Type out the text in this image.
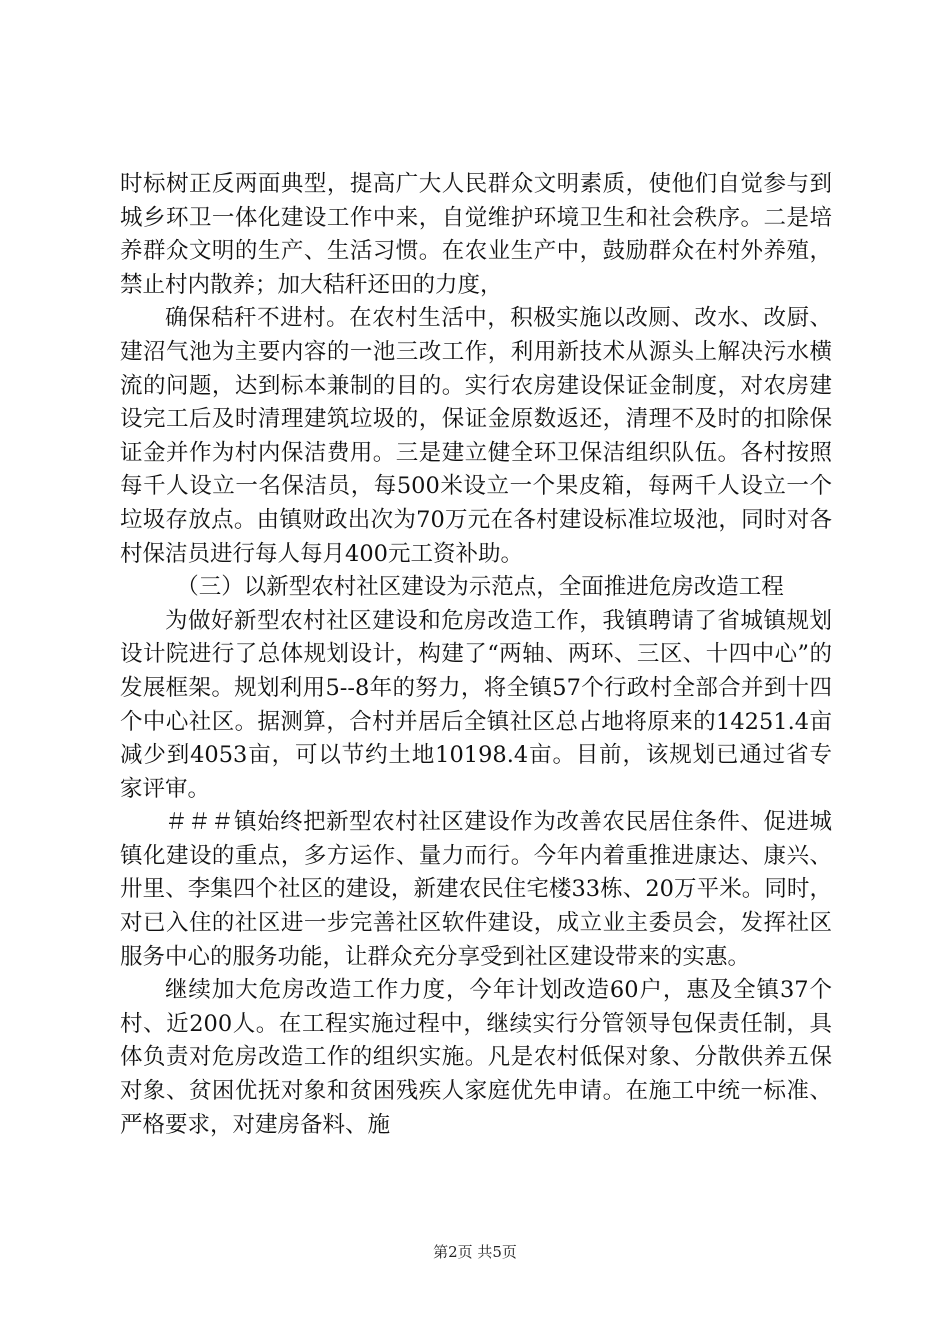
时标树正反两面典型，提高广大人民群众文明素质，使他们自觉参与到城乡环卫一体化建设工作中来，自觉维护环境卫生和社会秩序。二是培养群众文明的生产、生活习惯。在农业生产中，鼓励群众在村外养殖，禁止村内散养；加大秸秆还田的力度，

确保秸秆不进村。在农村生活中，积极实施以改厕、改水、改厨、建沼气池为主要内容的一池三改工作，利用新技术从源头上解决污水横流的问题，达到标本兼制的目的。实行农房建设保证金制度，对农房建设完工后及时清理建筑垃圾的，保证金原数返还，清理不及时的扣除保证金并作为村内保洁费用。三是建立健全环卫保洁组织队伍。各村按照每千人设立一名保洁员，每500米设立一个果皮箱，每两千人设立一个垃圾存放点。由镇财政出次为70万元在各村建设标准垃圾池，同时对各村保洁员进行每人每月400元工资补助。

（三）以新型农村社区建设为示范点，全面推进危房改造工程

为做好新型农村社区建设和危房改造工作，我镇聘请了省城镇规划设计院进行了总体规划设计，构建了“两轴、两环、三区、十四中心”的发展框架。规划利用5--8年的努力，将全镇57个行政村全部合并到十四个中心社区。据测算，合村并居后全镇社区总占地将原来的14251.4亩减少到4053亩，可以节约土地10198.4亩。目前，该规划已通过省专家评审。

＃＃＃镇始终把新型农村社区建设作为改善农民居住条件、促进城镇化建设的重点，多方运作、量力而行。今年内着重推进康达、康兴、卅里、李集四个社区的建设，新建农民住宅楼33栋、20万平米。同时，对已入住的社区进一步完善社区软件建设，成立业主委员会，发挥社区服务中心的服务功能，让群众充分享受到社区建设带来的实惠。

继续加大危房改造工作力度，今年计划改造60户，惠及全镇37个村、近200人。在工程实施过程中，继续实行分管领导包保责任制，具体负责对危房改造工作的组织实施。凡是农村低保对象、分散供养五保对象、贫困优抚对象和贫困残疾人家庭优先申请。在施工中统一标准、严格要求，对建房备料、施

第2页 共5页
